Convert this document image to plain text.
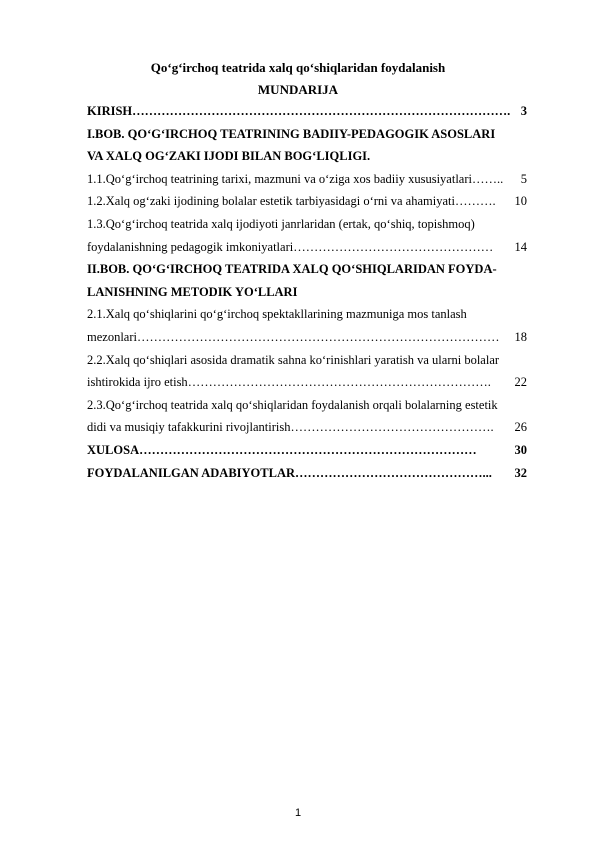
Qo‘g‘irchoq teatrida xalq qo‘shiqlaridan foydalanish
MUNDARIJA
KIRISH ………………………………………………………………………………. 3
I.BOB. QO‘G‘IRCHOQ TEATRINING BADIIY-PEDAGOGIK ASOSLARI
VA XALQ OG‘ZAKI IJODI BILAN BOG‘LIQLIGI.
1.1.Qo‘g‘irchoq teatrining tarixi, mazmuni va o‘ziga xos badiiy xususiyatlari ……..	5
1.2.Xalq og‘zaki ijodining bolalar estetik tarbiyasidagi o‘rni va ahamiyati ……….	10
1.3.Qo‘g‘irchoq teatrida xalq ijodiyoti janrlaridan (ertak, qo‘shiq, topishmoq)
foydalanishning pedagogik imkoniyatlari …………………………………………	14
II.BOB. QO‘G‘IRCHOQ TEATRIDA XALQ QO‘SHIQLARIDAN FOYDA-
LANISHNING METODIK YO‘LLARI
2.1.Xalq qo‘shiqlarini qo‘g‘irchoq spektakllarining mazmuniga mos tanlash
mezonlari ……………………………………………………………………………	18
2.2.Xalq qo‘shiqlari asosida dramatik sahna ko‘rinishlari yaratish va ularni bolalar
ishtirokida ijro etish ……………………………………………………………….	22
2.3.Qo‘g‘irchoq teatrida xalq qo‘shiqlaridan foydalanish orqali bolalarning estetik
didi va musiqiy tafakkurini rivojlantirish ………………………………………….	26
XULOSA ………………………………………………………………………	30
FOYDALANILGAN ADABIYOTLAR ………………………………………...	32
1
